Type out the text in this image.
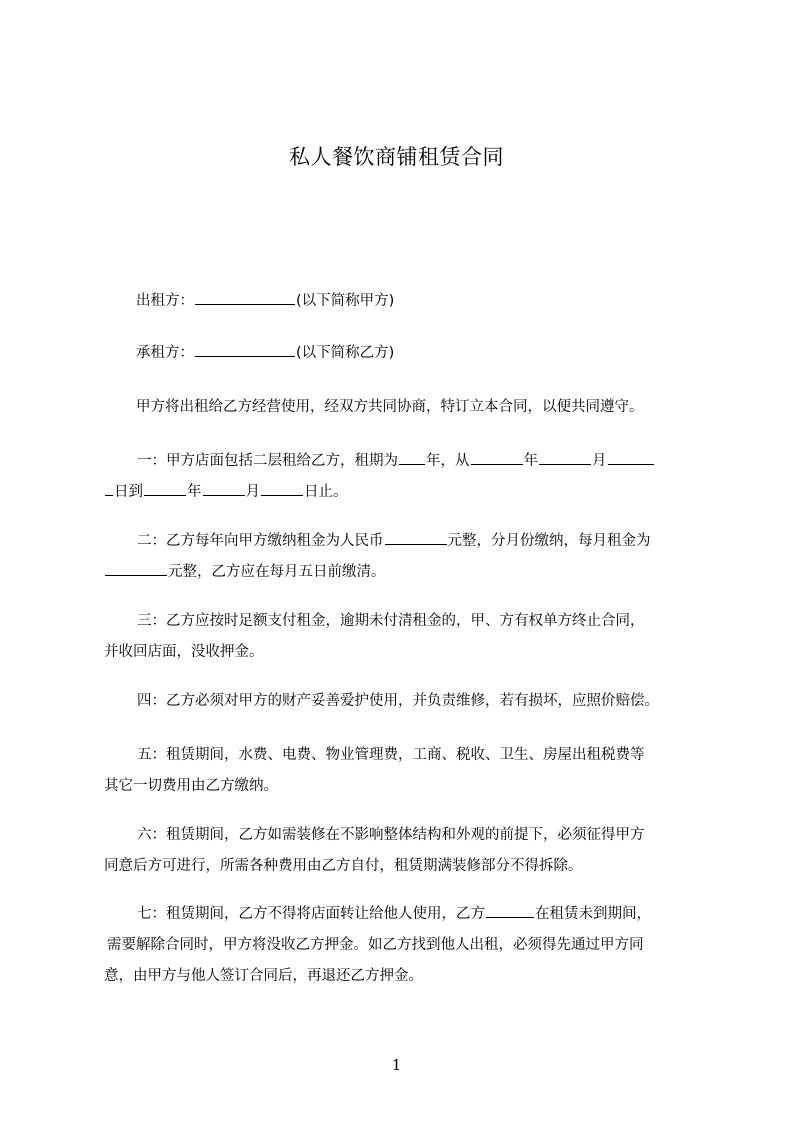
私人餐饮商铺租赁合同
出租方：	(以下简称甲方)
承租方：	(以下简称乙方)
甲方将出租给乙方经营使用，经双方共同协商，特订立本合同，以便共同遵守。
一：甲方店面包括二层租给乙方，租期为 年，从	年	月
日到	年	月	日止。
二：乙方每年向甲方缴纳租金为人民币	元整，分月份缴纳，每月租金为
元整，乙方应在每月五日前缴清。
三：乙方应按时足额支付租金，逾期未付清租金的，甲、方有权单方终止合同，
并收回店面，没收押金。
四：乙方必须对甲方的财产妥善爱护使用，并负责维修，若有损坏，应照价赔偿。
五：租赁期间，水费、电费、物业管理费，工商、税收、卫生、房屋出租税费等
其它一切费用由乙方缴纳。
六：租赁期间，乙方如需装修在不影响整体结构和外观的前提下，必须征得甲方
同意后方可进行，所需各种费用由乙方自付，租赁期满装修部分不得拆除。
七：租赁期间，乙方不得将店面转让给他人使用，乙方	在租赁未到期间，
需要解除合同时，甲方将没收乙方押金。如乙方找到他人出租，必须得先通过甲方同
意，由甲方与他人签订合同后，再退还乙方押金。
1
